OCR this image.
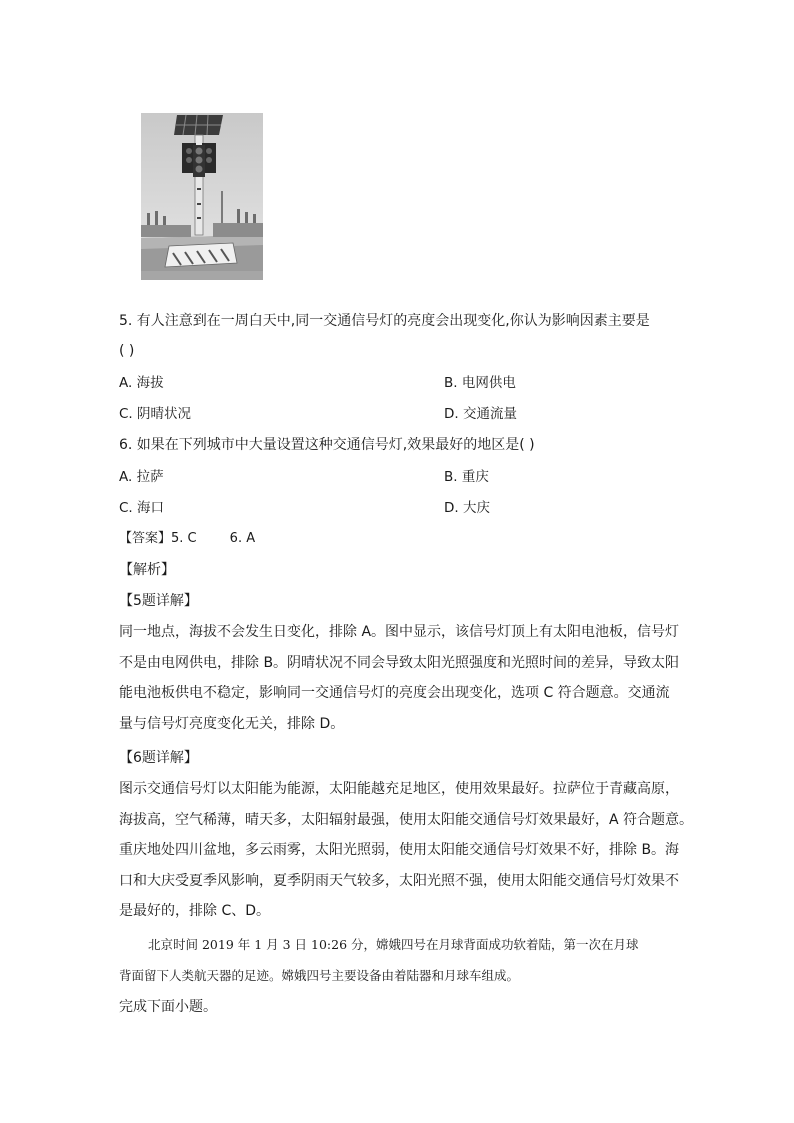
5. 有人注意到在一周白天中,同一交通信号灯的亮度会出现变化,你认为影响因素主要是
( )
A. 海拔	B. 电网供电
C. 阴晴状况	D. 交通流量
6. 如果在下列城市中大量设置这种交通信号灯,效果最好的地区是( )
A. 拉萨	B. 重庆
C. 海口	D. 大庆
【答案】5. C        6. A
【解析】
【5题详解】
同一地点，海拔不会发生日变化，排除 A。图中显示，该信号灯顶上有太阳电池板，信号灯
不是由电网供电，排除 B。阴晴状况不同会导致太阳光照强度和光照时间的差异，导致太阳
能电池板供电不稳定，影响同一交通信号灯的亮度会出现变化，选项 C 符合题意。交通流
量与信号灯亮度变化无关，排除 D。
【6题详解】
图示交通信号灯以太阳能为能源，太阳能越充足地区，使用效果最好。拉萨位于青藏高原，
海拔高，空气稀薄，晴天多，太阳辐射最强，使用太阳能交通信号灯效果最好，A 符合题意。
重庆地处四川盆地，多云雨雾，太阳光照弱，使用太阳能交通信号灯效果不好，排除 B。海
口和大庆受夏季风影响，夏季阴雨天气较多，太阳光照不强，使用太阳能交通信号灯效果不
是最好的，排除 C、D。
北京时间 2019 年 1 月 3 日 10:26 分，嫦娥四号在月球背面成功软着陆，第一次在月球
背面留下人类航天器的足迹。嫦娥四号主要设备由着陆器和月球车组成。
完成下面小题。
